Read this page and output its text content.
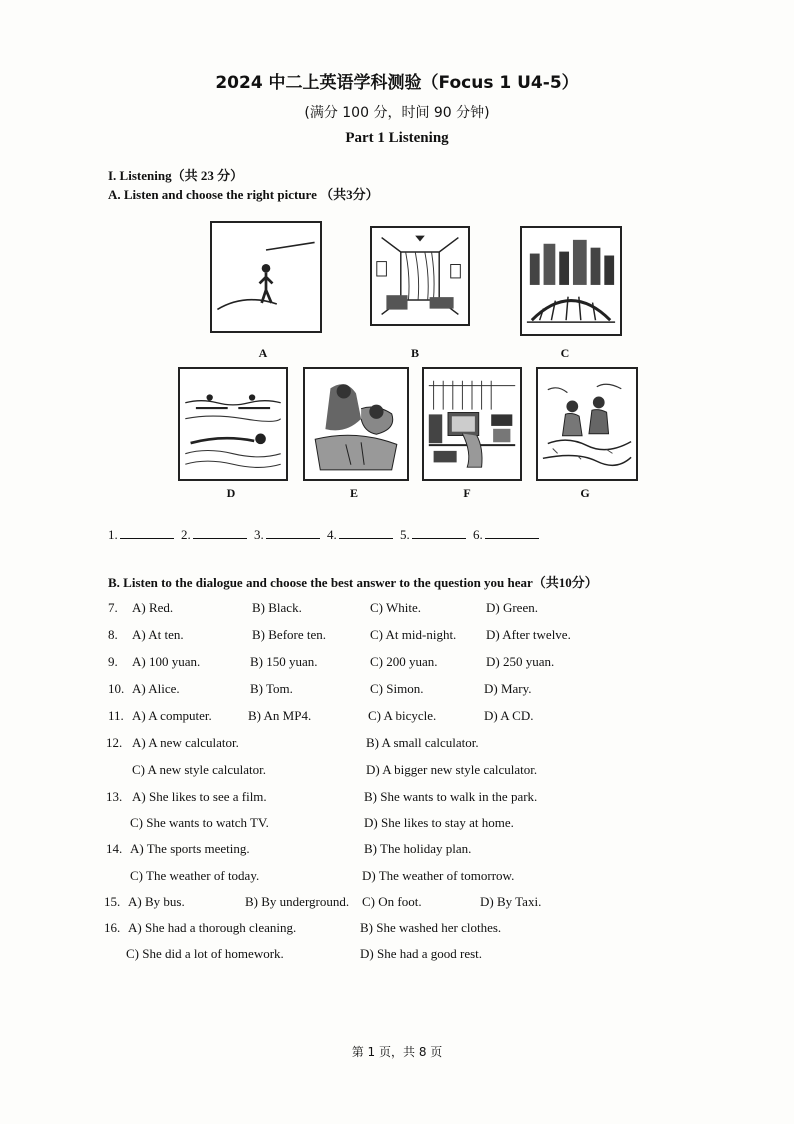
2024 中二上英语学科测验（Focus 1 U4-5）
(满分 100 分，时间 90 分钟)
Part 1 Listening
I. Listening（共 23 分）
A. Listen and choose the right picture （共3分）
A	B	C
D	E	F	G
1.	2.	3.	4.	5.	6.
B. Listen to the dialogue and choose the best answer to the question you hear（共10分）
7. A) Red.	B) Black.	C) White.	D) Green.
8. A) At ten.	B) Before ten.	C) At mid-night. D) After twelve.
9. A) 100 yuan.	B) 150 yuan.	C) 200 yuan.	D) 250 yuan.
10. A) Alice.	B) Tom.	C) Simon.	D) Mary.
11. A) A computer.	B) An MP4.	C) A bicycle.	D) A CD.
12. A) A new calculator.	B) A small calculator.
C) A new style calculator.	D) A bigger new style calculator.
13. A) She likes to see a film.	B) She wants to walk in the park.
C) She wants to watch TV.	D) She likes to stay at home.
14. A) The sports meeting.	B) The holiday plan.
C) The weather of today.	D) The weather of tomorrow.
15. A) By bus.	B) By underground. C) On foot.	D) By Taxi.
16. A) She had a thorough cleaning.	B) She washed her clothes.
C) She did a lot of homework.	D) She had a good rest.
第 1 页，共 8 页
